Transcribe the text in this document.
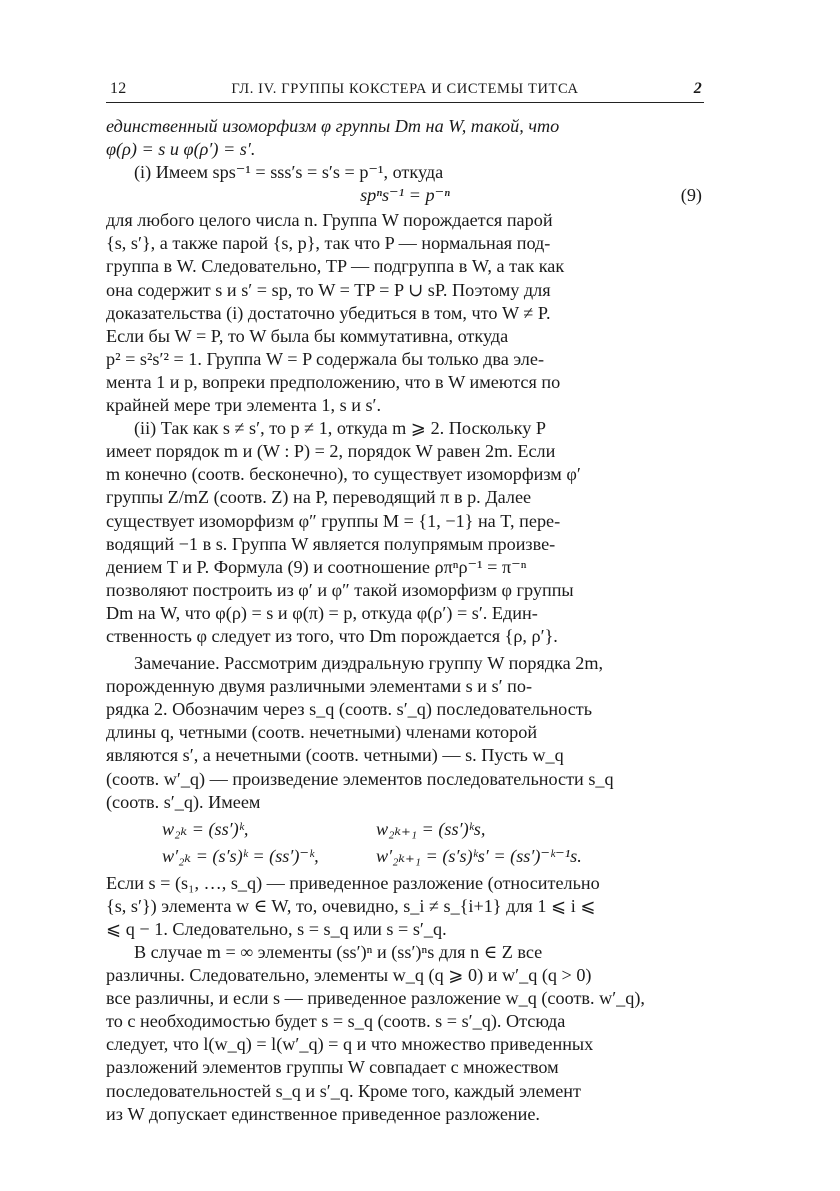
12	ГЛ. IV. ГРУППЫ КОКСТЕРА И СИСТЕМЫ ТИТСА	2

единственный изоморфизм φ группы Dm на W, такой, что
φ(ρ) = s и φ(ρ′) = s′.

(i) Имеем sps⁻¹ = sss′s = s′s = p⁻¹, откуда

spⁿs⁻¹ = p⁻ⁿ	(9)

для любого целого числа n. Группа W порождается парой
{s, s′}, а также парой {s, p}, так что P — нормальная под-
группа в W. Следовательно, TP — подгруппа в W, а так как
она содержит s и s′ = sp, то W = TP = P ∪ sP. Поэтому для
доказательства (i) достаточно убедиться в том, что W ≠ P.
Если бы W = P, то W была бы коммутативна, откуда
p² = s²s′² = 1. Группа W = P содержала бы только два эле-
мента 1 и p, вопреки предположению, что в W имеются по
крайней мере три элемента 1, s и s′.

(ii) Так как s ≠ s′, то p ≠ 1, откуда m ⩾ 2. Поскольку P
имеет порядок m и (W : P) = 2, порядок W равен 2m. Если
m конечно (соотв. бесконечно), то существует изоморфизм φ′
группы Z/mZ (соотв. Z) на P, переводящий π в p. Далее
существует изоморфизм φ″ группы M = {1, −1} на T, пере-
водящий −1 в s. Группа W является полупрямым произве-
дением T и P. Формула (9) и соотношение ρπⁿρ⁻¹ = π⁻ⁿ
позволяют построить из φ′ и φ″ такой изоморфизм φ группы
Dm на W, что φ(ρ) = s и φ(π) = p, откуда φ(ρ′) = s′. Един-
ственность φ следует из того, что Dm порождается {ρ, ρ′}.

Замечание. Рассмотрим диэдральную группу W порядка 2m,
порожденную двумя различными элементами s и s′ по-
рядка 2. Обозначим через s_q (соотв. s′_q) последовательность
длины q, четными (соотв. нечетными) членами которой
являются s′, а нечетными (соотв. четными) — s. Пусть w_q
(соотв. w′_q) — произведение элементов последовательности s_q
(соотв. s′_q). Имеем

w₂ₖ = (ss′)ᵏ,	w₂ₖ₊₁ = (ss′)ᵏs,
w′₂ₖ = (s′s)ᵏ = (ss′)⁻ᵏ,	w′₂ₖ₊₁ = (s′s)ᵏs′ = (ss′)⁻ᵏ⁻¹s.

Если s = (s₁, …, s_q) — приведенное разложение (относительно
{s, s′}) элемента w ∈ W, то, очевидно, s_i ≠ s_{i+1} для 1 ⩽ i ⩽
⩽ q − 1. Следовательно, s = s_q или s = s′_q.

В случае m = ∞ элементы (ss′)ⁿ и (ss′)ⁿs для n ∈ Z все
различны. Следовательно, элементы w_q (q ⩾ 0) и w′_q (q > 0)
все различны, и если s — приведенное разложение w_q (соотв. w′_q),
то с необходимостью будет s = s_q (соотв. s = s′_q). Отсюда
следует, что l(w_q) = l(w′_q) = q и что множество приведенных
разложений элементов группы W совпадает с множеством
последовательностей s_q и s′_q. Кроме того, каждый элемент
из W допускает единственное приведенное разложение.
